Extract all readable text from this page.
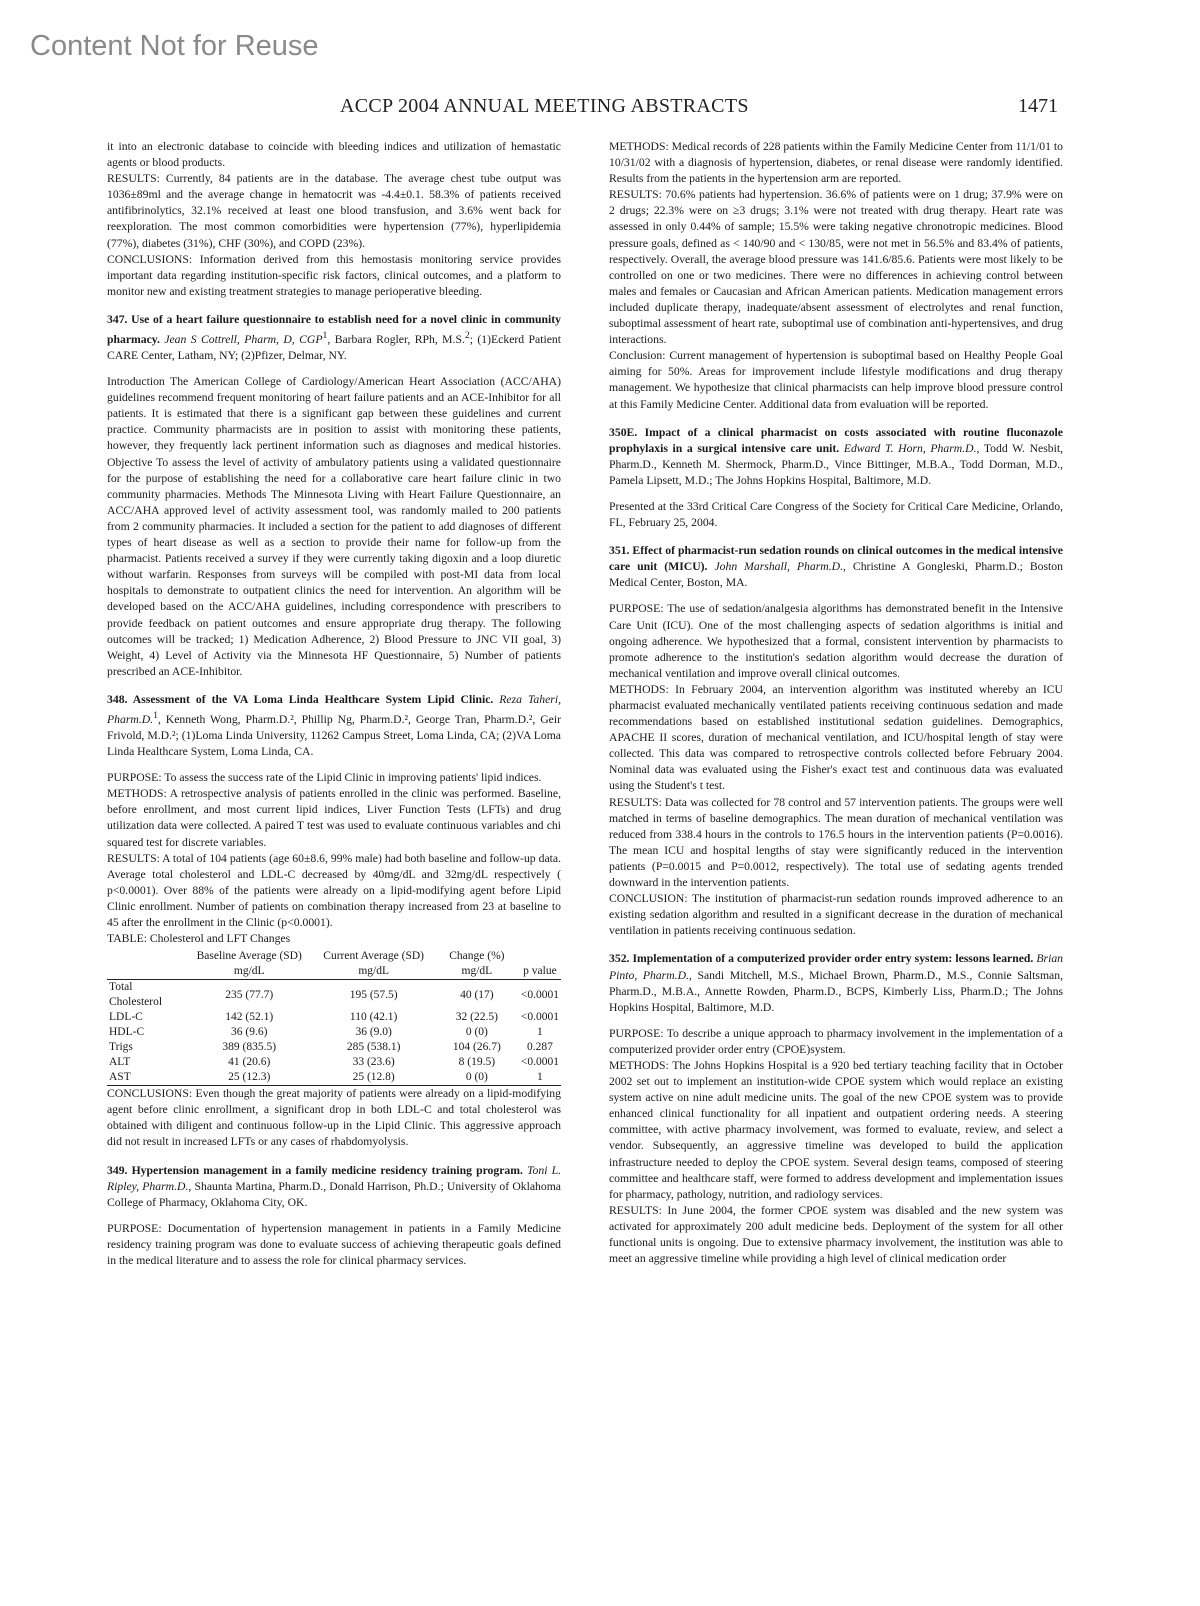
Content Not for Reuse
ACCP 2004 ANNUAL MEETING ABSTRACTS	1471

it into an electronic database to coincide with bleeding indices and utilization of hemastatic agents or blood products.

RESULTS: Currently, 84 patients are in the database. The average chest tube output was 1036±89ml and the average change in hematocrit was -4.4±0.1. 58.3% of patients received antifibrinolytics, 32.1% received at least one blood transfusion, and 3.6% went back for reexploration. The most common comorbidities were hypertension (77%), hyperlipidemia (77%), diabetes (31%), CHF (30%), and COPD (23%).

CONCLUSIONS: Information derived from this hemostasis monitoring service provides important data regarding institution-specific risk factors, clinical outcomes, and a platform to monitor new and existing treatment strategies to manage perioperative bleeding.

347. Use of a heart failure questionnaire to establish need for a novel clinic in community pharmacy. Jean S Cottrell, Pharm, D, CGP$^1$, Barbara Rogler, RPh, M.S.$^2$; (1)Eckerd Patient CARE Center, Latham, NY; (2)Pfizer, Delmar, NY.

Introduction The American College of Cardiology/American Heart Association (ACC/AHA) guidelines recommend frequent monitoring of heart failure patients and an ACE-Inhibitor for all patients. It is estimated that there is a significant gap between these guidelines and current practice. Community pharmacists are in position to assist with monitoring these patients, however, they frequently lack pertinent information such as diagnoses and medical histories. Objective To assess the level of activity of ambulatory patients using a validated questionnaire for the purpose of establishing the need for a collaborative care heart failure clinic in two community pharmacies. Methods The Minnesota Living with Heart Failure Questionnaire, an ACC/AHA approved level of activity assessment tool, was randomly mailed to 200 patients from 2 community pharmacies. It included a section for the patient to add diagnoses of different types of heart disease as well as a section to provide their name for follow-up from the pharmacist. Patients received a survey if they were currently taking digoxin and a loop diuretic without warfarin. Responses from surveys will be compiled with post-MI data from local hospitals to demonstrate to outpatient clinics the need for intervention. An algorithm will be developed based on the ACC/AHA guidelines, including correspondence with prescribers to provide feedback on patient outcomes and ensure appropriate drug therapy. The following outcomes will be tracked; 1) Medication Adherence, 2) Blood Pressure to JNC VII goal, 3) Weight, 4) Level of Activity via the Minnesota HF Questionnaire, 5) Number of patients prescribed an ACE-Inhibitor.

348. Assessment of the VA Loma Linda Healthcare System Lipid Clinic. Reza Taheri, Pharm.D.$^1$, Kenneth Wong, Pharm.D.², Phillip Ng, Pharm.D.², George Tran, Pharm.D.², Geir Frivold, M.D.²; (1)Loma Linda University, 11262 Campus Street, Loma Linda, CA; (2)VA Loma Linda Healthcare System, Loma Linda, CA.

PURPOSE: To assess the success rate of the Lipid Clinic in improving patients' lipid indices.

METHODS: A retrospective analysis of patients enrolled in the clinic was performed. Baseline, before enrollment, and most current lipid indices, Liver Function Tests (LFTs) and drug utilization data were collected. A paired T test was used to evaluate continuous variables and chi squared test for discrete variables.

RESULTS: A total of 104 patients (age 60±8.6, 99% male) had both baseline and follow-up data. Average total cholesterol and LDL-C decreased by 40mg/dL and 32mg/dL respectively ( p<0.0001). Over 88% of the patients were already on a lipid-modifying agent before Lipid Clinic enrollment. Number of patients on combination therapy increased from 23 at baseline to 45 after the enrollment in the Clinic (p<0.0001).

TABLE: Cholesterol and LFT Changes

	Baseline Average (SD) mg/dL	Current Average (SD) mg/dL	Change (%) mg/dL	p value
Total Cholesterol	235 (77.7)	195 (57.5)	40 (17)	<0.0001
LDL-C	142 (52.1)	110 (42.1)	32 (22.5)	<0.0001
HDL-C	36 (9.6)	36 (9.0)	0 (0)	1
Trigs	389 (835.5)	285 (538.1)	104 (26.7)	0.287
ALT	41 (20.6)	33 (23.6)	8 (19.5)	<0.0001
AST	25 (12.3)	25 (12.8)	0 (0)	1

CONCLUSIONS: Even though the great majority of patients were already on a lipid-modifying agent before clinic enrollment, a significant drop in both LDL-C and total cholesterol was obtained with diligent and continuous follow-up in the Lipid Clinic. This aggressive approach did not result in increased LFTs or any cases of rhabdomyolysis.

349. Hypertension management in a family medicine residency training program. Toni L. Ripley, Pharm.D., Shaunta Martina, Pharm.D., Donald Harrison, Ph.D.; University of Oklahoma College of Pharmacy, Oklahoma City, OK.

PURPOSE: Documentation of hypertension management in patients in a Family Medicine residency training program was done to evaluate success of achieving therapeutic goals defined in the medical literature and to assess the role for clinical pharmacy services.

METHODS: Medical records of 228 patients within the Family Medicine Center from 11/1/01 to 10/31/02 with a diagnosis of hypertension, diabetes, or renal disease were randomly identified. Results from the patients in the hypertension arm are reported.

RESULTS: 70.6% patients had hypertension. 36.6% of patients were on 1 drug; 37.9% were on 2 drugs; 22.3% were on ≥3 drugs; 3.1% were not treated with drug therapy. Heart rate was assessed in only 0.44% of sample; 15.5% were taking negative chronotropic medicines. Blood pressure goals, defined as < 140/90 and < 130/85, were not met in 56.5% and 83.4% of patients, respectively. Overall, the average blood pressure was 141.6/85.6. Patients were most likely to be controlled on one or two medicines. There were no differences in achieving control between males and females or Caucasian and African American patients. Medication management errors included duplicate therapy, inadequate/absent assessment of electrolytes and renal function, suboptimal assessment of heart rate, suboptimal use of combination anti-hypertensives, and drug interactions.

Conclusion: Current management of hypertension is suboptimal based on Healthy People Goal aiming for 50%. Areas for improvement include lifestyle modifications and drug therapy management. We hypothesize that clinical pharmacists can help improve blood pressure control at this Family Medicine Center. Additional data from evaluation will be reported.

350E. Impact of a clinical pharmacist on costs associated with routine fluconazole prophylaxis in a surgical intensive care unit. Edward T. Horn, Pharm.D., Todd W. Nesbit, Pharm.D., Kenneth M. Shermock, Pharm.D., Vince Bittinger, M.B.A., Todd Dorman, M.D., Pamela Lipsett, M.D.; The Johns Hopkins Hospital, Baltimore, M.D.

Presented at the 33rd Critical Care Congress of the Society for Critical Care Medicine, Orlando, FL, February 25, 2004.

351. Effect of pharmacist-run sedation rounds on clinical outcomes in the medical intensive care unit (MICU). John Marshall, Pharm.D., Christine A Gongleski, Pharm.D.; Boston Medical Center, Boston, MA.

PURPOSE: The use of sedation/analgesia algorithms has demonstrated benefit in the Intensive Care Unit (ICU). One of the most challenging aspects of sedation algorithms is initial and ongoing adherence. We hypothesized that a formal, consistent intervention by pharmacists to promote adherence to the institution's sedation algorithm would decrease the duration of mechanical ventilation and improve overall clinical outcomes.

METHODS: In February 2004, an intervention algorithm was instituted whereby an ICU pharmacist evaluated mechanically ventilated patients receiving continuous sedation and made recommendations based on established institutional sedation guidelines. Demographics, APACHE II scores, duration of mechanical ventilation, and ICU/hospital length of stay were collected. This data was compared to retrospective controls collected before February 2004. Nominal data was evaluated using the Fisher's exact test and continuous data was evaluated using the Student's t test.

RESULTS: Data was collected for 78 control and 57 intervention patients. The groups were well matched in terms of baseline demographics. The mean duration of mechanical ventilation was reduced from 338.4 hours in the controls to 176.5 hours in the intervention patients (P=0.0016). The mean ICU and hospital lengths of stay were significantly reduced in the intervention patients (P=0.0015 and P=0.0012, respectively). The total use of sedating agents trended downward in the intervention patients.

CONCLUSION: The institution of pharmacist-run sedation rounds improved adherence to an existing sedation algorithm and resulted in a significant decrease in the duration of mechanical ventilation in patients receiving continuous sedation.

352. Implementation of a computerized provider order entry system: lessons learned. Brian Pinto, Pharm.D., Sandi Mitchell, M.S., Michael Brown, Pharm.D., M.S., Connie Saltsman, Pharm.D., M.B.A., Annette Rowden, Pharm.D., BCPS, Kimberly Liss, Pharm.D.; The Johns Hopkins Hospital, Baltimore, M.D.

PURPOSE: To describe a unique approach to pharmacy involvement in the implementation of a computerized provider order entry (CPOE)system.

METHODS: The Johns Hopkins Hospital is a 920 bed tertiary teaching facility that in October 2002 set out to implement an institution-wide CPOE system which would replace an existing system active on nine adult medicine units. The goal of the new CPOE system was to provide enhanced clinical functionality for all inpatient and outpatient ordering needs. A steering committee, with active pharmacy involvement, was formed to evaluate, review, and select a vendor. Subsequently, an aggressive timeline was developed to build the application infrastructure needed to deploy the CPOE system. Several design teams, composed of steering committee and healthcare staff, were formed to address development and implementation issues for pharmacy, pathology, nutrition, and radiology services.

RESULTS: In June 2004, the former CPOE system was disabled and the new system was activated for approximately 200 adult medicine beds. Deployment of the system for all other functional units is ongoing. Due to extensive pharmacy involvement, the institution was able to meet an aggressive timeline while providing a high level of clinical medication order
